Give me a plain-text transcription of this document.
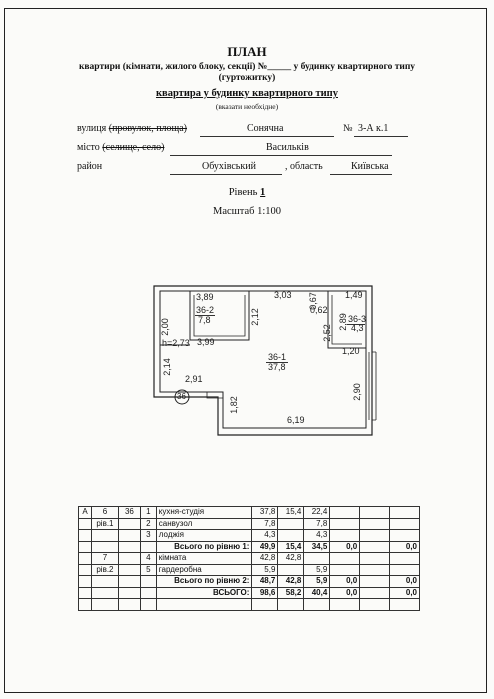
ПЛАН
квартири (кімнати, жилого блоку, секції) №_____ у будинку квартирного типу
(гуртожитку)
квартира у будинку квартирного типу
(вказати необхідне)
вулиця (провулок, площа)	Сонячна	№ 3-А к.1
місто (селище, село)	Васильків
район	Обухівський	, область	Київська
Рівень 1
Масштаб 1:100
36-2
7,8
36-1
37,8
36-3
4,3
3,89	3,03 0,67	1,49
2,00
2,12	0,62
2,89
2,52
3,99
h=2,73
2,14
1,20
2,91
2,90
1,82
6,19
36
А	6	36	1	кухня-студія	37,8	15,4	22,4			
	рів.1		2	санвузол	7,8		7,8			
			3	лоджія	4,3		4,3			
				Всього по рівню 1:	49,9	15,4	34,5	0,0		0,0
	7		4	кімната	42,8	42,8				
	рів.2		5	гардеробна	5,9		5,9			
				Всього по рівню 2:	48,7	42,8	5,9	0,0		0,0
				ВСЬОГО:	98,6	58,2	40,4	0,0		0,0
